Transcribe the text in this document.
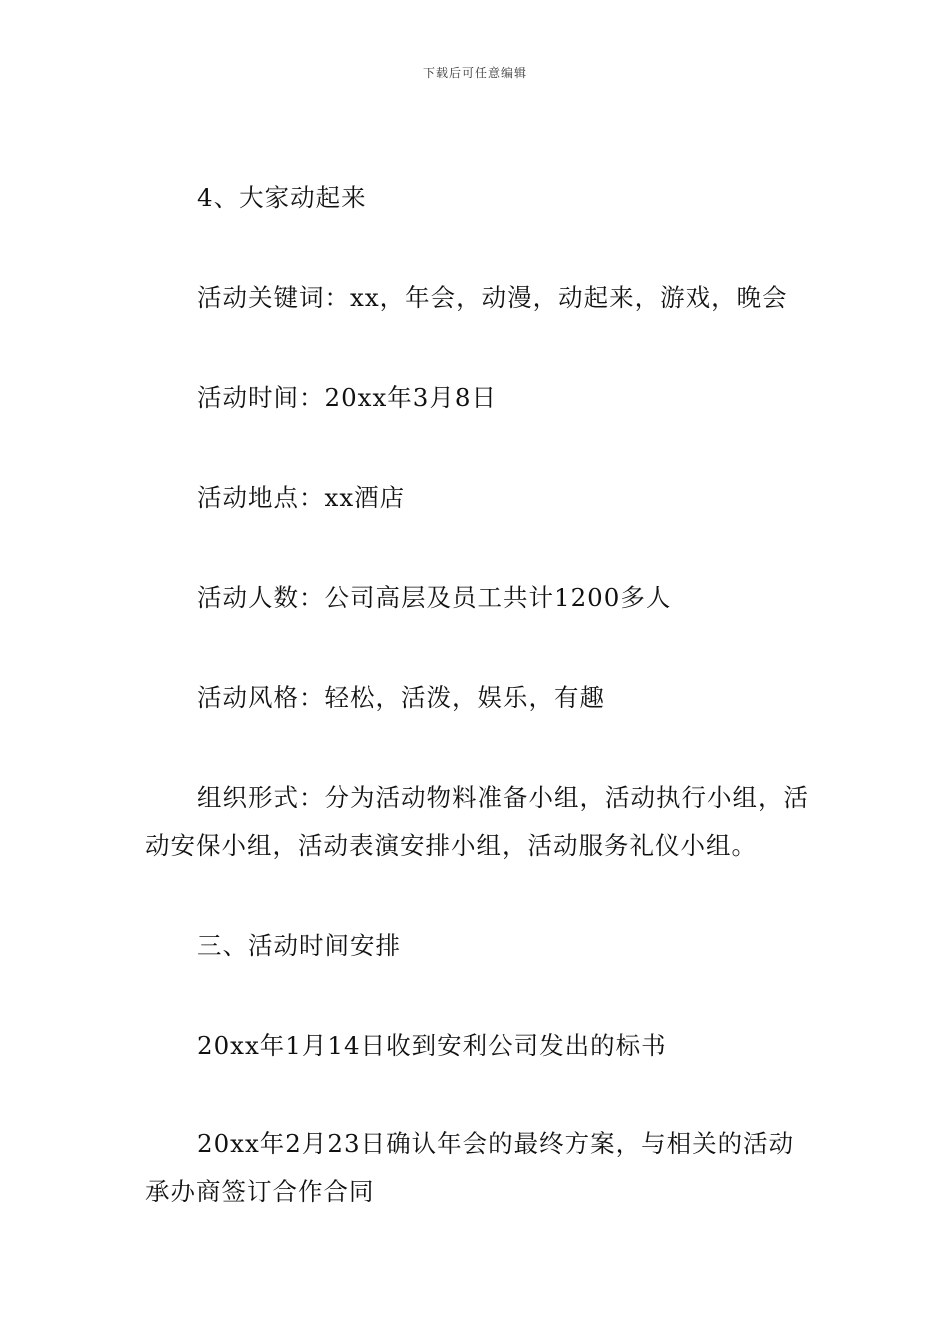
下载后可任意编辑
4、大家动起来
活动关键词：xx，年会，动漫，动起来，游戏，晚会
活动时间：20xx年3月8日
活动地点：xx酒店
活动人数：公司高层及员工共计1200多人
活动风格：轻松，活泼，娱乐，有趣
组织形式：分为活动物料准备小组，活动执行小组，活动安保小组，活动表演安排小组，活动服务礼仪小组。
三、活动时间安排
20xx年1月14日收到安利公司发出的标书
20xx年2月23日确认年会的最终方案，与相关的活动承办商签订合作合同
